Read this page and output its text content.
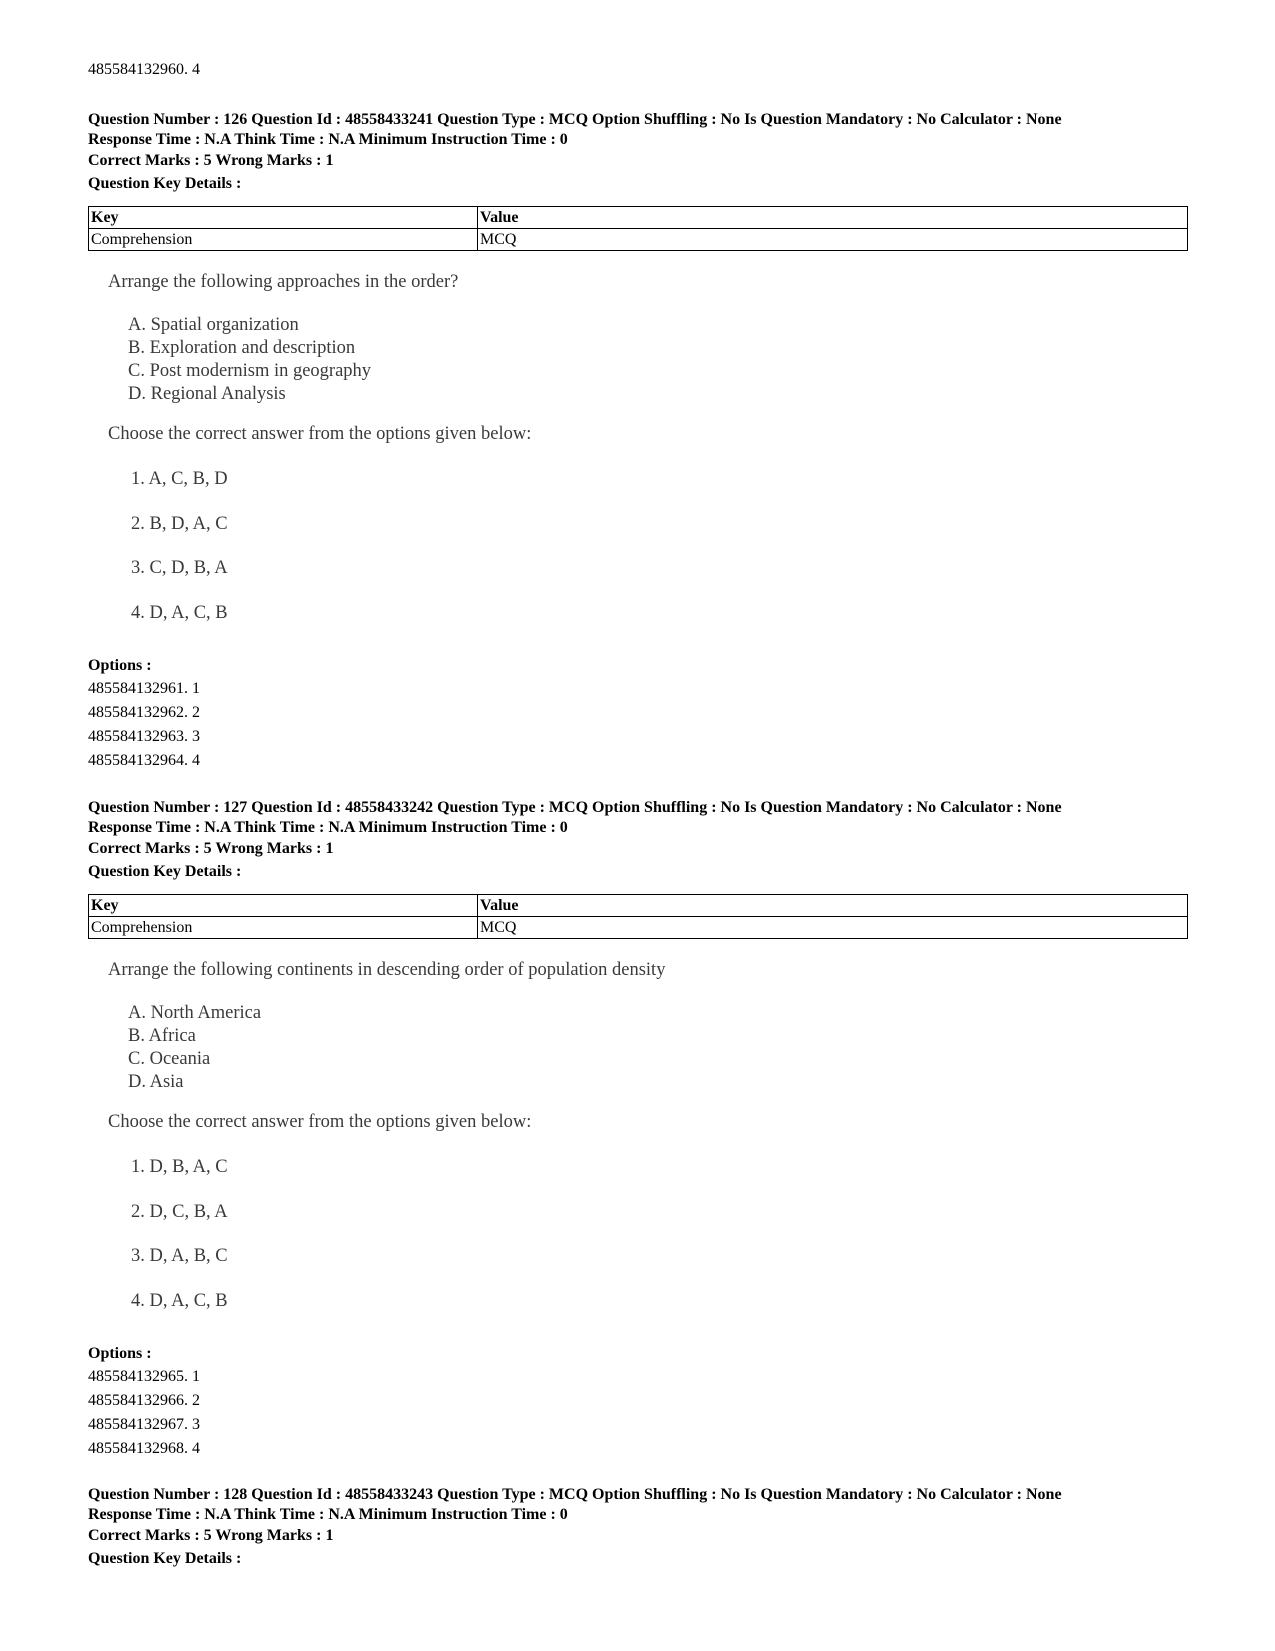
485584132960. 4
Question Number : 126 Question Id : 48558433241 Question Type : MCQ Option Shuffling : No Is Question Mandatory : No Calculator : None
Response Time : N.A Think Time : N.A Minimum Instruction Time : 0
Correct Marks : 5 Wrong Marks : 1
Question Key Details :
Key	Value
Comprehension	MCQ
Arrange the following approaches in the order?
A. Spatial organization
B. Exploration and description
C. Post modernism in geography
D. Regional Analysis
Choose the correct answer from the options given below:
1. A, C, B, D
2. B, D, A, C
3. C, D, B, A
4. D, A, C, B
Options :
485584132961. 1
485584132962. 2
485584132963. 3
485584132964. 4
Question Number : 127 Question Id : 48558433242 Question Type : MCQ Option Shuffling : No Is Question Mandatory : No Calculator : None
Response Time : N.A Think Time : N.A Minimum Instruction Time : 0
Correct Marks : 5 Wrong Marks : 1
Question Key Details :
Key	Value
Comprehension	MCQ
Arrange the following continents in descending order of population density
A. North America
B. Africa
C. Oceania
D. Asia
Choose the correct answer from the options given below:
1. D, B, A, C
2. D, C, B, A
3. D, A, B, C
4. D, A, C, B
Options :
485584132965. 1
485584132966. 2
485584132967. 3
485584132968. 4
Question Number : 128 Question Id : 48558433243 Question Type : MCQ Option Shuffling : No Is Question Mandatory : No Calculator : None
Response Time : N.A Think Time : N.A Minimum Instruction Time : 0
Correct Marks : 5 Wrong Marks : 1
Question Key Details :
